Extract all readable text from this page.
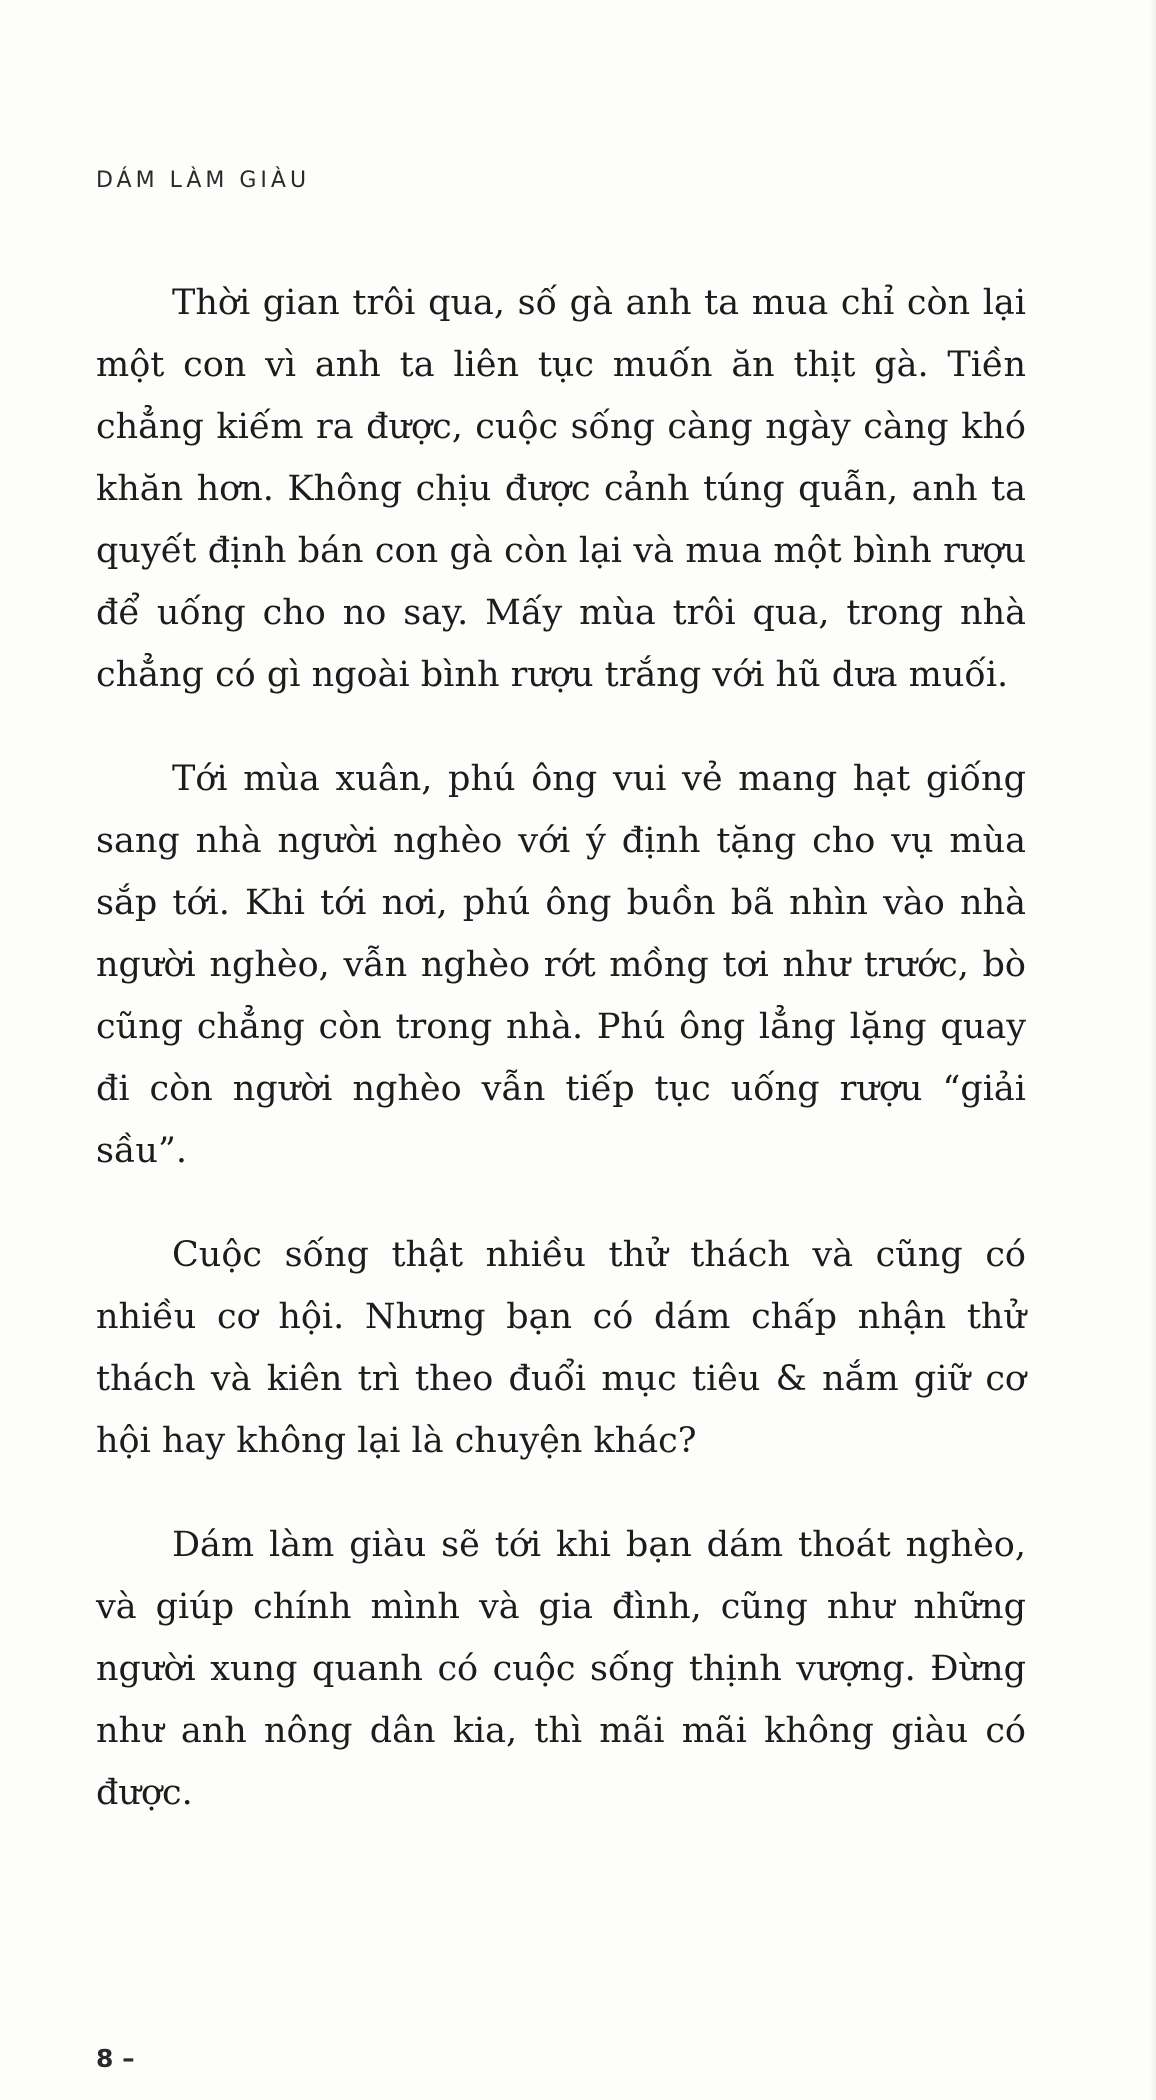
DÁM LÀM GIÀU

Thời gian trôi qua, số gà anh ta mua chỉ còn lại một con vì anh ta liên tục muốn ăn thịt gà. Tiền chẳng kiếm ra được, cuộc sống càng ngày càng khó khăn hơn. Không chịu được cảnh túng quẫn, anh ta quyết định bán con gà còn lại và mua một bình rượu để uống cho no say. Mấy mùa trôi qua, trong nhà chẳng có gì ngoài bình rượu trắng với hũ dưa muối.

Tới mùa xuân, phú ông vui vẻ mang hạt giống sang nhà người nghèo với ý định tặng cho vụ mùa sắp tới. Khi tới nơi, phú ông buồn bã nhìn vào nhà người nghèo, vẫn nghèo rớt mồng tơi như trước, bò cũng chẳng còn trong nhà. Phú ông lẳng lặng quay đi còn người nghèo vẫn tiếp tục uống rượu “giải sầu”.

Cuộc sống thật nhiều thử thách và cũng có nhiều cơ hội. Nhưng bạn có dám chấp nhận thử thách và kiên trì theo đuổi mục tiêu & nắm giữ cơ hội hay không lại là chuyện khác?

Dám làm giàu sẽ tới khi bạn dám thoát nghèo, và giúp chính mình và gia đình, cũng như những người xung quanh có cuộc sống thịnh vượng. Đừng như anh nông dân kia, thì mãi mãi không giàu có được.

8 –
